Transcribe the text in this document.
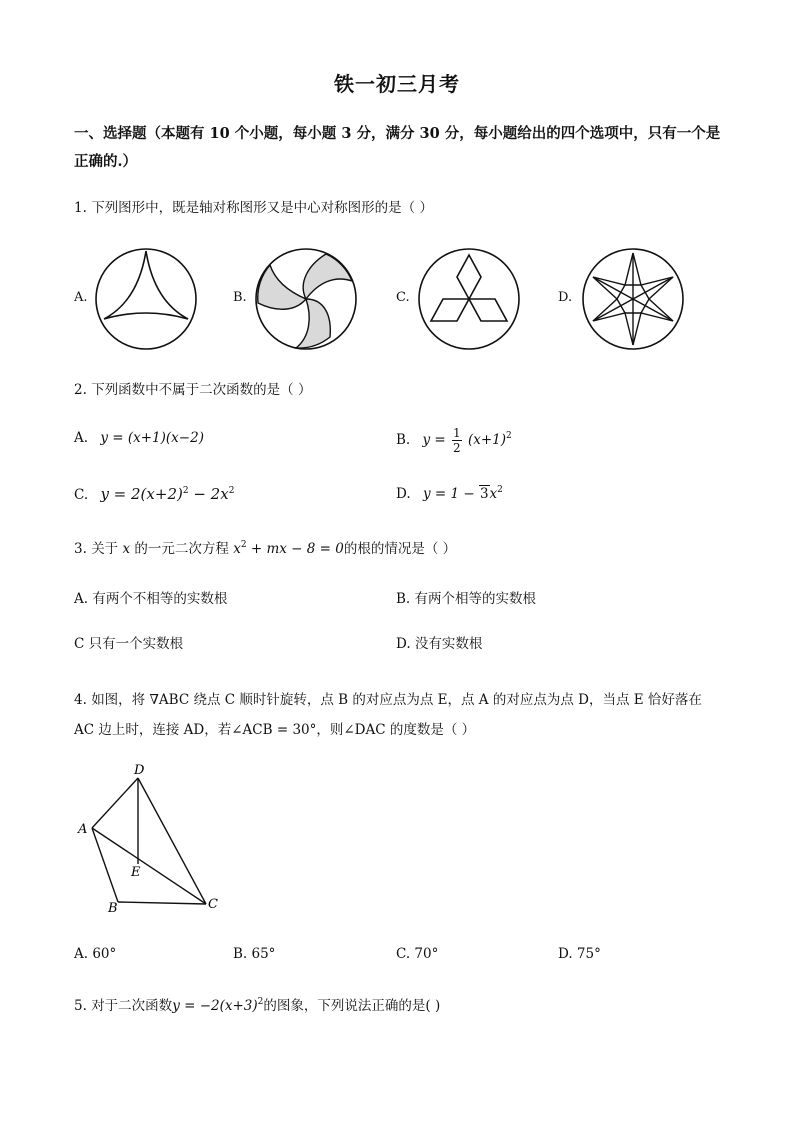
铁一初三月考
一、选择题（本题有 10 个小题，每小题 3 分，满分 30 分，每小题给出的四个选项中，只有一个是正确的.）
1. 下列图形中，既是轴对称图形又是中心对称图形的是（ ）
A.	B.	C.	D.
2. 下列函数中不属于二次函数的是（ ）
A. y = (x+1)(x−2)	B. $y = \frac{1}{2} (x+1)^2$
C. $y = 2(x+2)^2 - 2x^2$	D. $y = 1 - 3x^2$
3. 关于 x 的一元二次方程 $x^2$ + mx − 8 = 0的根的情况是（ ）
A. 有两个不相等的实数根	B. 有两个相等的实数根
C 只有一个实数根	D. 没有实数根
4. 如图，将 ∇ABC 绕点 C 顺时针旋转，点 B 的对应点为点 E，点 A 的对应点为点 D，当点 E 恰好落在
AC 边上时，连接 AD，若∠ACB = 30°，则∠DAC 的度数是（ ）
D
A
E
B	C
A. 60°	B. 65°	C. 70°	D. 75°
5. 对于二次函数$y = -2(x+3)^2$的图象，下列说法正确的是( )
